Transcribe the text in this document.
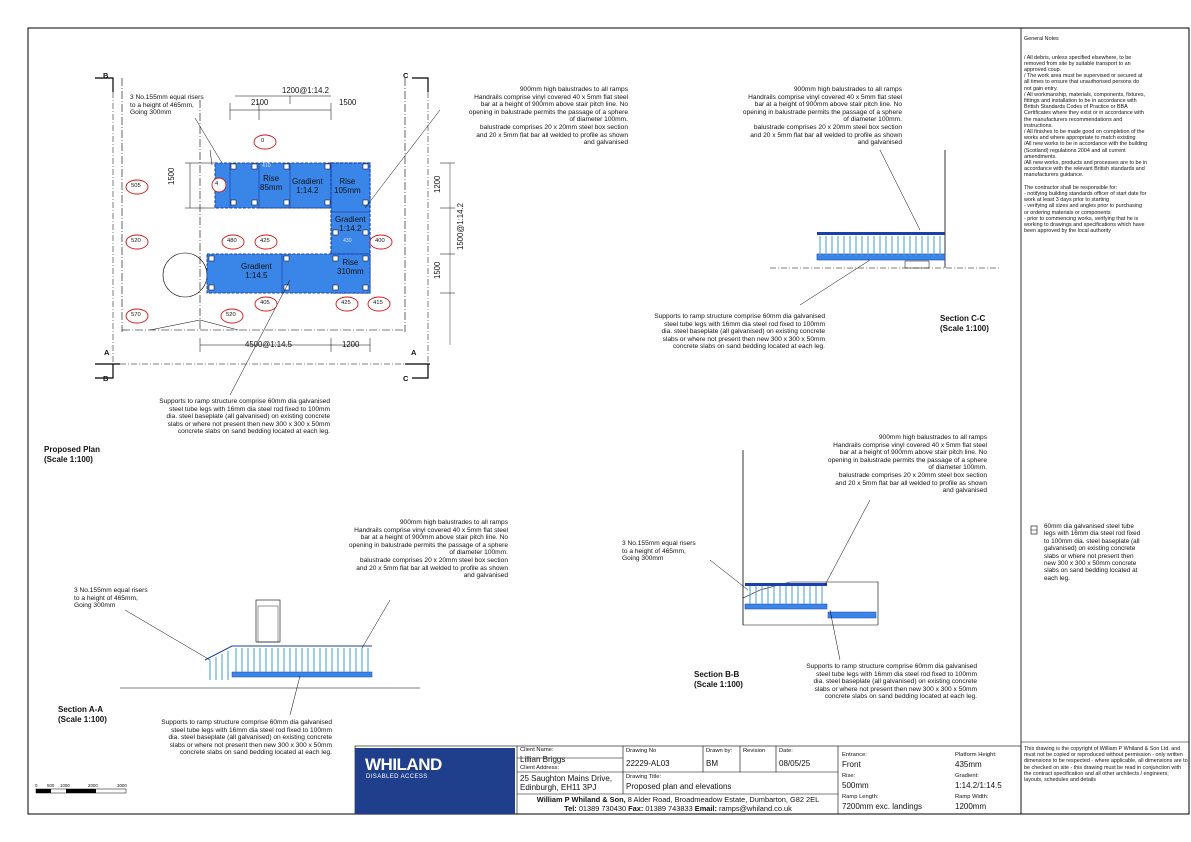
Proposed Plan
(Scale 1:100)
3 No.155mm equal risers
to a height of 465mm,
Going 300mm
900mm high balustrades to all ramps
Handrails comprise vinyl covered 40 x 5mm flat steel
bar at a height of 900mm above stair pitch line. No
opening in balustrade permits the passage of a sphere
of diameter 100mm.
balustrade comprises 20 x 20mm steel box section
and 20 x 5mm flat bar all welded to profile as shown
and galvanised
Supports to ramp structure comprise 60mm dia galvanised
steel tube legs with 16mm dia steel rod fixed to 100mm
dia. steel baseplate (all galvanised) on existing concrete
slabs or where not present then new 300 x 300 x 50mm
concrete slabs on sand bedding located at each leg.
1200@1:14.2
2100	1500
1500	1200
1500@1:14.2
1500
4500@1:14.5	1200
B
B
C
C
A	A
Rise
85mm
Gradient
1:14.2
Rise
105mm
Gradient
1:14.2
Gradient
1:14.5
Rise
310mm
0
505	4
520	480	425	400
570	520
405	425	415
410
430
Section C-C
(Scale 1:100)
900mm high balustrades to all ramps
Handrails comprise vinyl covered 40 x 5mm flat steel
bar at a height of 900mm above stair pitch line. No
opening in balustrade permits the passage of a sphere
of diameter 100mm.
balustrade comprises 20 x 20mm steel box section
and 20 x 5mm flat bar all welded to profile as shown
and galvanised
Supports to ramp structure comprise 60mm dia galvanised
steel tube legs with 16mm dia steel rod fixed to 100mm
dia. steel baseplate (all galvanised) on existing concrete
slabs or where not present then new 300 x 300 x 50mm
concrete slabs on sand bedding located at each leg.
Section B-B
(Scale 1:100)
3 No.155mm equal risers
to a height of 465mm,
Going 300mm
900mm high balustrades to all ramps
Handrails comprise vinyl covered 40 x 5mm flat steel
bar at a height of 900mm above stair pitch line. No
opening in balustrade permits the passage of a sphere
of diameter 100mm.
balustrade comprises 20 x 20mm steel box section
and 20 x 5mm flat bar all welded to profile as shown
and galvanised
Supports to ramp structure comprise 60mm dia galvanised
steel tube legs with 16mm dia steel rod fixed to 100mm
dia. steel baseplate (all galvanised) on existing concrete
slabs or where not present then new 300 x 300 x 50mm
concrete slabs on sand bedding located at each leg.
Section A-A
(Scale 1:100)
3 No.155mm equal risers
to a height of 465mm,
Going 300mm
900mm high balustrades to all ramps
Handrails comprise vinyl covered 40 x 5mm flat steel
bar at a height of 900mm above stair pitch line. No
opening in balustrade permits the passage of a sphere
of diameter 100mm.
balustrade comprises 20 x 20mm steel box section
and 20 x 5mm flat bar all welded to profile as shown
and galvanised
Supports to ramp structure comprise 60mm dia galvanised
steel tube legs with 16mm dia steel rod fixed to 100mm
dia. steel baseplate (all galvanised) on existing concrete
slabs or where not present then new 300 x 300 x 50mm
concrete slabs on sand bedding located at each leg.
60mm dia galvanised steel tube
legs with 16mm dia steel rod fixed
to 100mm dia. steel baseplate (all
galvanised) on existing concrete
slabs or where not present then
new 300 x 300 x 50mm concrete
slabs on sand bedding located at
each leg.

General Notes

/ All debris, unless specified elsewhere, to be
removed from site by suitable transport to an
approved coup.
/ The work area must be supervised or secured at
all times to ensure that unauthorised persons do
not gain entry.
/ All workmanship, materials, components, fixtures,
fittings and installation to be in accordance with
British Standards Codes of Practice or BBA
Certificates where they exist or in accordance with
the manufacturers recommendations and
instructions.
/ All finishes to be made good on completion of the
works and where appropriate to match existing
/All new works to be in accordance with the building
(Scotland) regulations 2004 and all current
amendments.
/All new works, products and processes are to be in
accordance with the relevant British standards and
manufacturers guidance.

The contractor shall be responsible for:
- notifying building standards officer of start date for
work at least 3 days prior to starting
- verifying all sizes and angles prior to purchasing
or ordering materials or components
- prior to commencing works, verifying that he is
working to drawings and specifications which have
been approved by the local authority

This drawing is the copyright of William P Whiland & Son Ltd. and must not be copied or reproduced without permission - only written dimensions to be respected - where applicable, all dimensions are to be checked on site - this drawing must be read in conjunction with the contract specification and all other architects / engineers; layouts, schedules and details
0 500 1000	2000	3000
WHILAND
DISABLED ACCESS
Client Name:
Lillian Briggs
Client Address:
25 Saughton Mains Drive,
Edinburgh, EH11 3PJ
Drawing No
22229-AL03
Drawn by:
BM
Revision Date:
08/05/25
Drawing Title:
Proposed plan and elevations
William P Whiland & Son, 8 Alder Road, Broadmeadow Estate, Dumbarton, G82 2EL
Tel: 01389 730430 Fax: 01389 743833 Email: ramps@whiland.co.uk
Entrance:
Front
Platform Height:
435mm
Rise:
500mm
Gradient:
1:14.2/1:14.5
Ramp Length:
7200mm exc. landings
Ramp Width:
1200mm
